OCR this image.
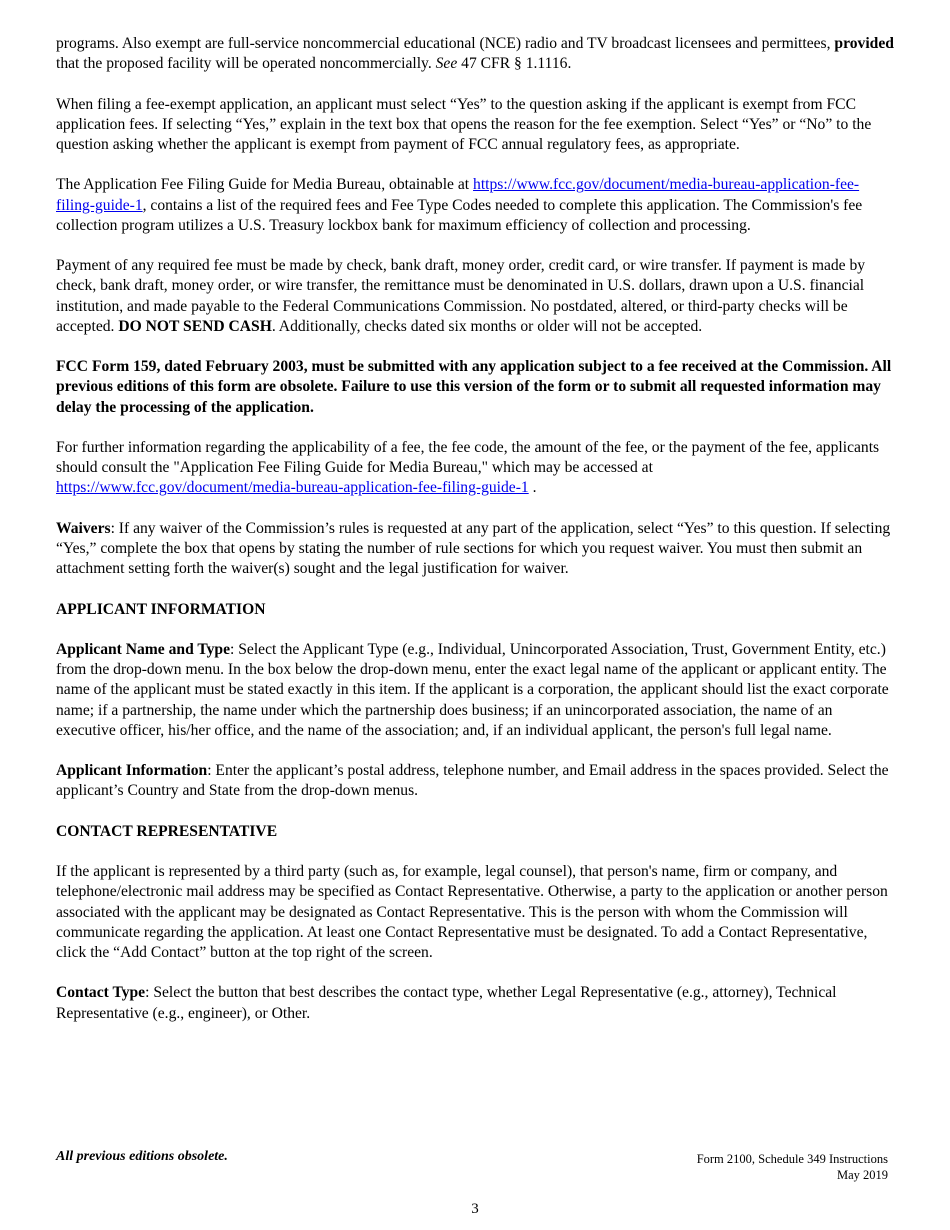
programs. Also exempt are full-service noncommercial educational (NCE) radio and TV broadcast licensees and permittees, provided that the proposed facility will be operated noncommercially. See 47 CFR § 1.1116.

When filing a fee-exempt application, an applicant must select “Yes” to the question asking if the applicant is exempt from FCC application fees. If selecting “Yes,” explain in the text box that opens the reason for the fee exemption. Select “Yes” or “No” to the question asking whether the applicant is exempt from payment of FCC annual regulatory fees, as appropriate.

The Application Fee Filing Guide for Media Bureau, obtainable at https://www.fcc.gov/document/media-bureau-application-fee-filing-guide-1, contains a list of the required fees and Fee Type Codes needed to complete this application. The Commission's fee collection program utilizes a U.S. Treasury lockbox bank for maximum efficiency of collection and processing.

Payment of any required fee must be made by check, bank draft, money order, credit card, or wire transfer. If payment is made by check, bank draft, money order, or wire transfer, the remittance must be denominated in U.S. dollars, drawn upon a U.S. financial institution, and made payable to the Federal Communications Commission. No postdated, altered, or third-party checks will be accepted. DO NOT SEND CASH. Additionally, checks dated six months or older will not be accepted.

FCC Form 159, dated February 2003, must be submitted with any application subject to a fee received at the Commission. All previous editions of this form are obsolete. Failure to use this version of the form or to submit all requested information may delay the processing of the application.

For further information regarding the applicability of a fee, the fee code, the amount of the fee, or the payment of the fee, applicants should consult the "Application Fee Filing Guide for Media Bureau," which may be accessed at https://www.fcc.gov/document/media-bureau-application-fee-filing-guide-1 .

Waivers: If any waiver of the Commission’s rules is requested at any part of the application, select “Yes” to this question. If selecting “Yes,” complete the box that opens by stating the number of rule sections for which you request waiver. You must then submit an attachment setting forth the waiver(s) sought and the legal justification for waiver.

APPLICANT INFORMATION

Applicant Name and Type: Select the Applicant Type (e.g., Individual, Unincorporated Association, Trust, Government Entity, etc.) from the drop-down menu. In the box below the drop-down menu, enter the exact legal name of the applicant or applicant entity. The name of the applicant must be stated exactly in this item. If the applicant is a corporation, the applicant should list the exact corporate name; if a partnership, the name under which the partnership does business; if an unincorporated association, the name of an executive officer, his/her office, and the name of the association; and, if an individual applicant, the person's full legal name.

Applicant Information: Enter the applicant’s postal address, telephone number, and Email address in the spaces provided. Select the applicant’s Country and State from the drop-down menus.

CONTACT REPRESENTATIVE

If the applicant is represented by a third party (such as, for example, legal counsel), that person's name, firm or company, and telephone/electronic mail address may be specified as Contact Representative. Otherwise, a party to the application or another person associated with the applicant may be designated as Contact Representative. This is the person with whom the Commission will communicate regarding the application. At least one Contact Representative must be designated. To add a Contact Representative, click the “Add Contact” button at the top right of the screen.

Contact Type: Select the button that best describes the contact type, whether Legal Representative (e.g., attorney), Technical Representative (e.g., engineer), or Other.

All previous editions obsolete.	Form 2100, Schedule 349 Instructions
May 2019
3
